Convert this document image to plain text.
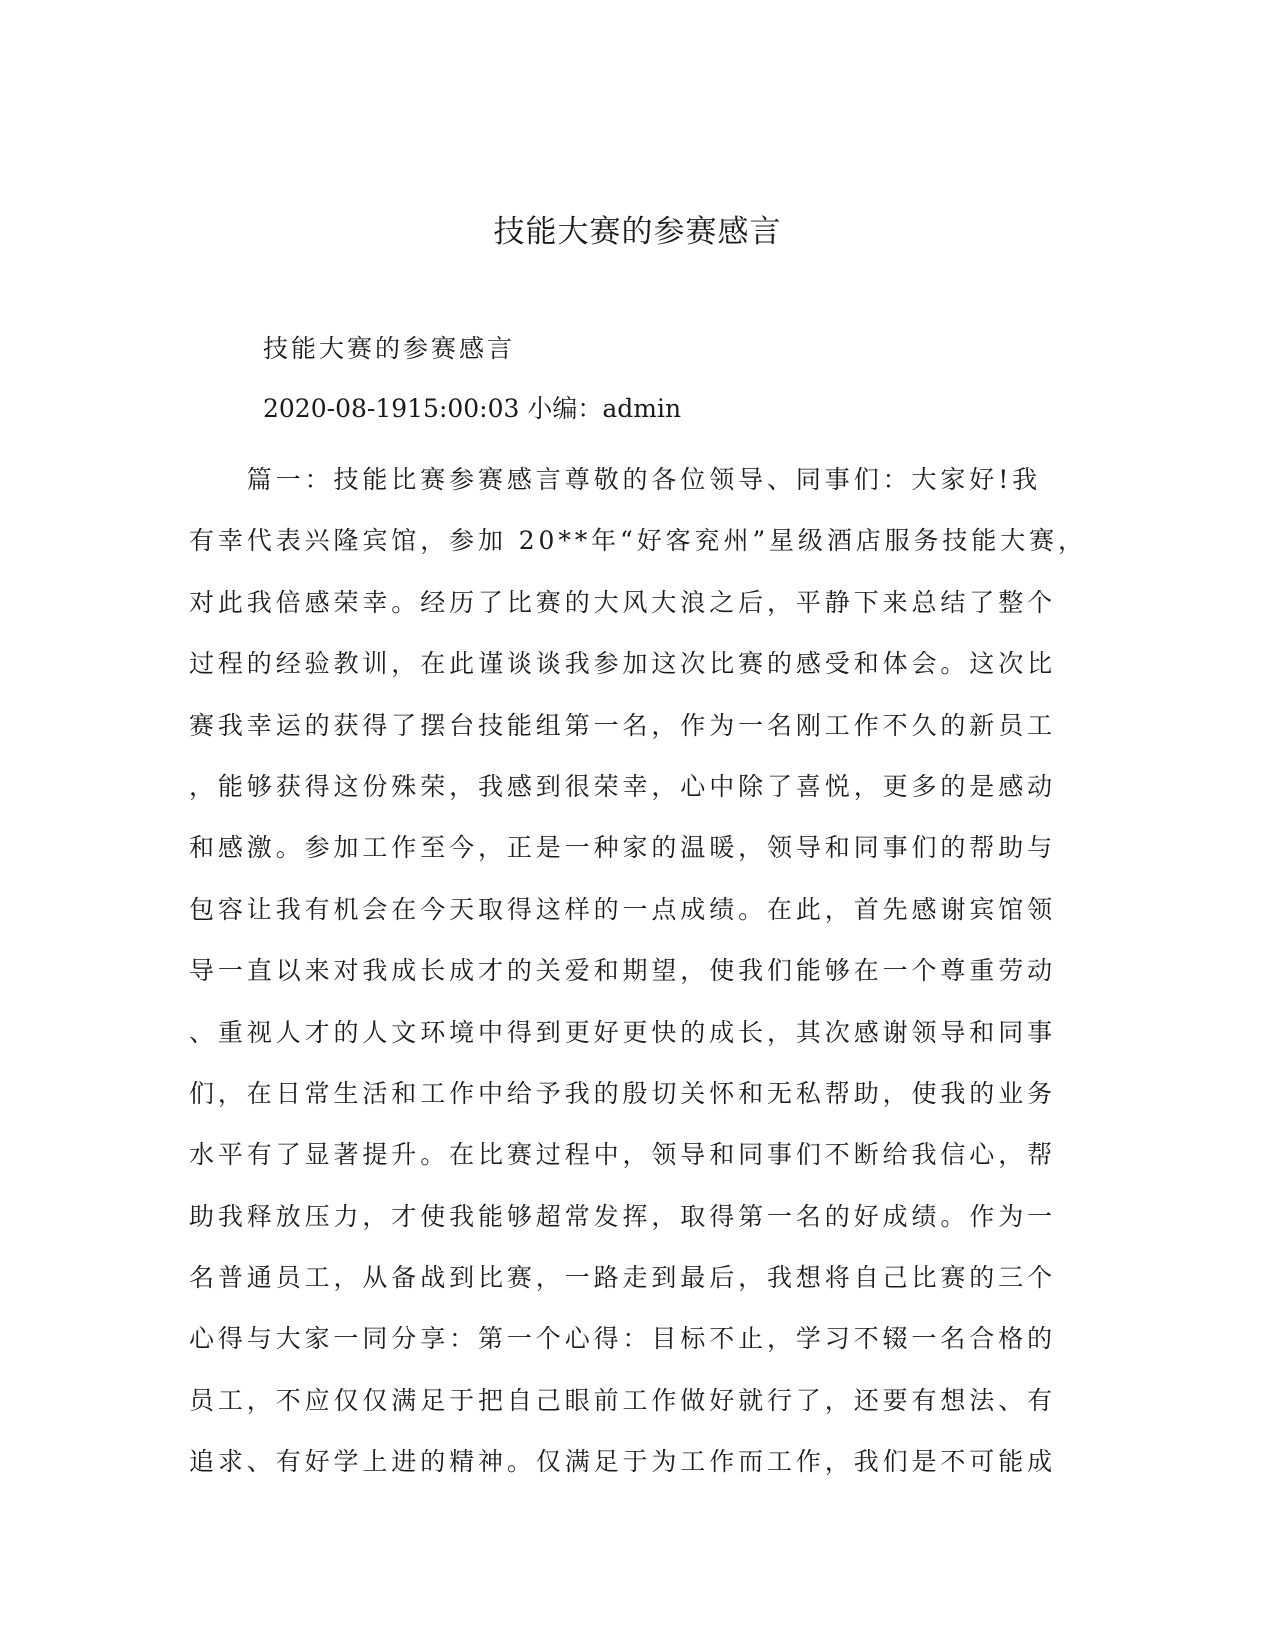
技能大赛的参赛感言

技能大赛的参赛感言

2020-08-1915:00:03 小编：admin

　　篇一：技能比赛参赛感言尊敬的各位领导、同事们：大家好!我
有幸代表兴隆宾馆，参加 20**年“好客兖州”星级酒店服务技能大赛，
对此我倍感荣幸。经历了比赛的大风大浪之后，平静下来总结了整个
过程的经验教训，在此谨谈谈我参加这次比赛的感受和体会。这次比
赛我幸运的获得了摆台技能组第一名，作为一名刚工作不久的新员工
，能够获得这份殊荣，我感到很荣幸，心中除了喜悦，更多的是感动
和感激。参加工作至今，正是一种家的温暖，领导和同事们的帮助与
包容让我有机会在今天取得这样的一点成绩。在此，首先感谢宾馆领
导一直以来对我成长成才的关爱和期望，使我们能够在一个尊重劳动
、重视人才的人文环境中得到更好更快的成长，其次感谢领导和同事
们，在日常生活和工作中给予我的殷切关怀和无私帮助，使我的业务
水平有了显著提升。在比赛过程中，领导和同事们不断给我信心，帮
助我释放压力，才使我能够超常发挥，取得第一名的好成绩。作为一
名普通员工，从备战到比赛，一路走到最后，我想将自己比赛的三个
心得与大家一同分享：第一个心得：目标不止，学习不辍一名合格的
员工，不应仅仅满足于把自己眼前工作做好就行了，还要有想法、有
追求、有好学上进的精神。仅满足于为工作而工作，我们是不可能成
